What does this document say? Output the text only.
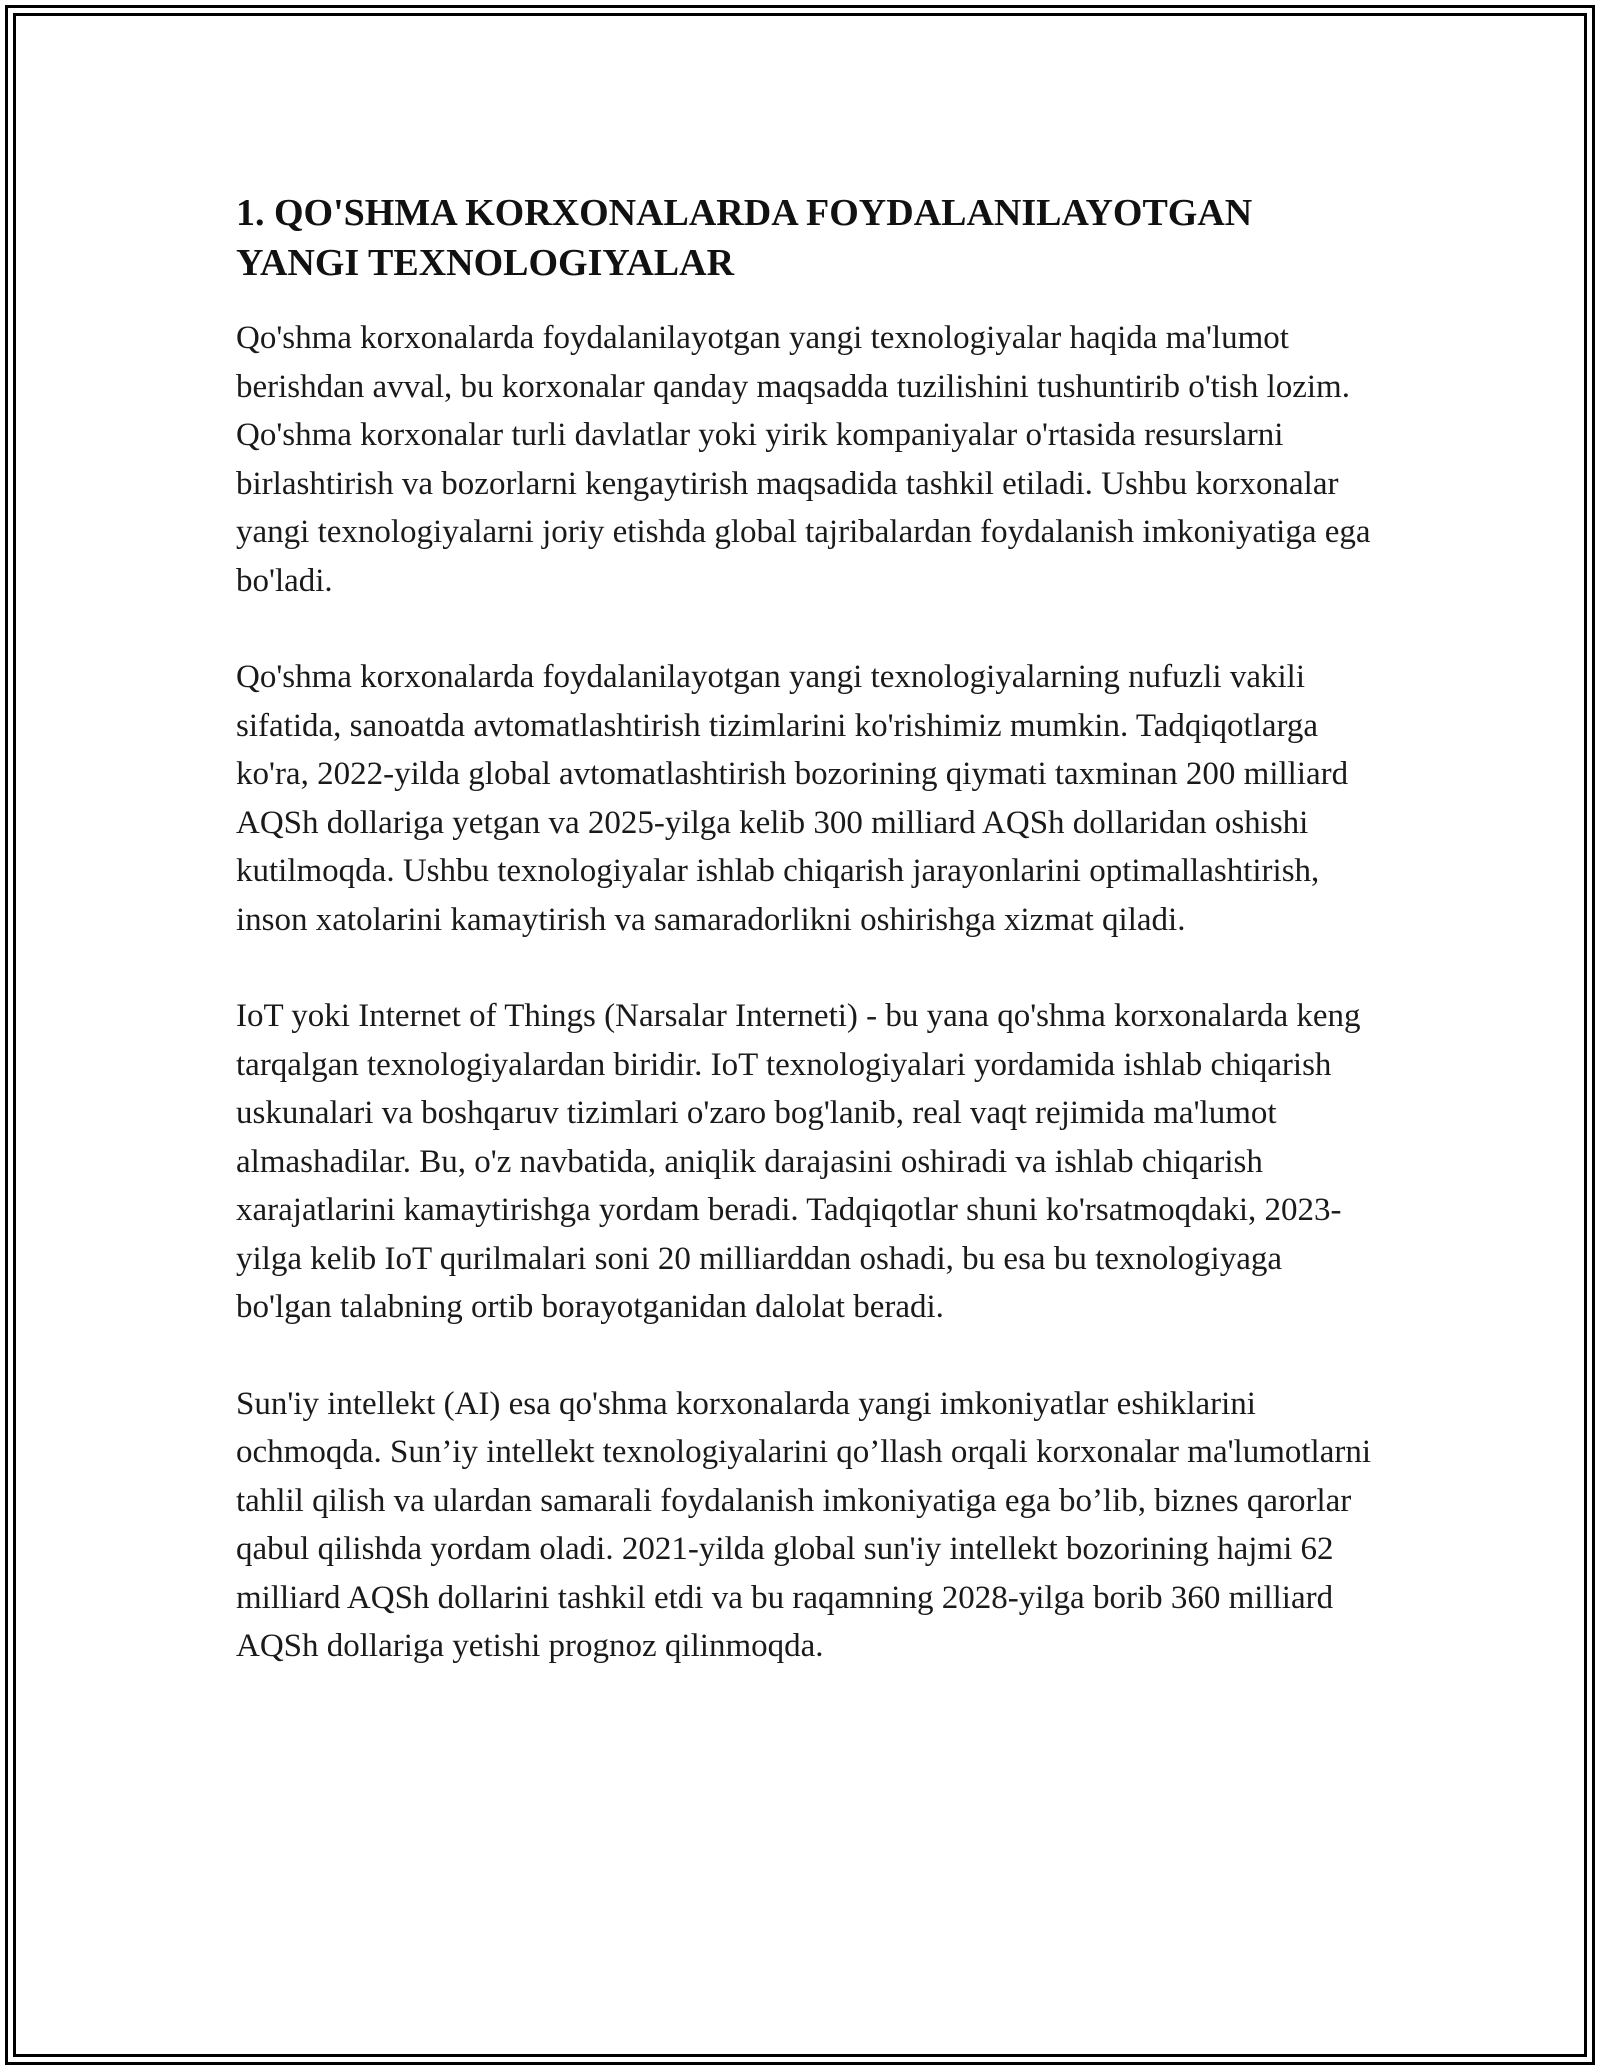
1. QO'SHMA KORXONALARDA FOYDALANILAYOTGAN
YANGI TEXNOLOGIYALAR

Qo'shma korxonalarda foydalanilayotgan yangi texnologiyalar haqida ma'lumot berishdan avval, bu korxonalar qanday maqsadda tuzilishini tushuntirib o'tish lozim. Qo'shma korxonalar turli davlatlar yoki yirik kompaniyalar o'rtasida resurslarni birlashtirish va bozorlarni kengaytirish maqsadida tashkil etiladi. Ushbu korxonalar yangi texnologiyalarni joriy etishda global tajribalardan foydalanish imkoniyatiga ega bo'ladi.

Qo'shma korxonalarda foydalanilayotgan yangi texnologiyalarning nufuzli vakili sifatida, sanoatda avtomatlashtirish tizimlarini ko'rishimiz mumkin. Tadqiqotlarga ko'ra, 2022-yilda global avtomatlashtirish bozorining qiymati taxminan 200 milliard AQSh dollariga yetgan va 2025-yilga kelib 300 milliard AQSh dollaridan oshishi kutilmoqda. Ushbu texnologiyalar ishlab chiqarish jarayonlarini optimallashtirish, inson xatolarini kamaytirish va samaradorlikni oshirishga xizmat qiladi.

IoT yoki Internet of Things (Narsalar Interneti) - bu yana qo'shma korxonalarda keng tarqalgan texnologiyalardan biridir. IoT texnologiyalari yordamida ishlab chiqarish uskunalari va boshqaruv tizimlari o'zaro bog'lanib, real vaqt rejimida ma'lumot almashadilar. Bu, o'z navbatida, aniqlik darajasini oshiradi va ishlab chiqarish xarajatlarini kamaytirishga yordam beradi. Tadqiqotlar shuni ko'rsatmoqdaki, 2023-yilga kelib IoT qurilmalari soni 20 milliarddan oshadi, bu esa bu texnologiyaga bo'lgan talabning ortib borayotganidan dalolat beradi.

Sun'iy intellekt (AI) esa qo'shma korxonalarda yangi imkoniyatlar eshiklarini ochmoqda. Sun’iy intellekt texnologiyalarini qo’llash orqali korxonalar ma'lumotlarni tahlil qilish va ulardan samarali foydalanish imkoniyatiga ega bo’lib, biznes qarorlar qabul qilishda yordam oladi. 2021-yilda global sun'iy intellekt bozorining hajmi 62 milliard AQSh dollarini tashkil etdi va bu raqamning 2028-yilga borib 360 milliard AQSh dollariga yetishi prognoz qilinmoqda.
